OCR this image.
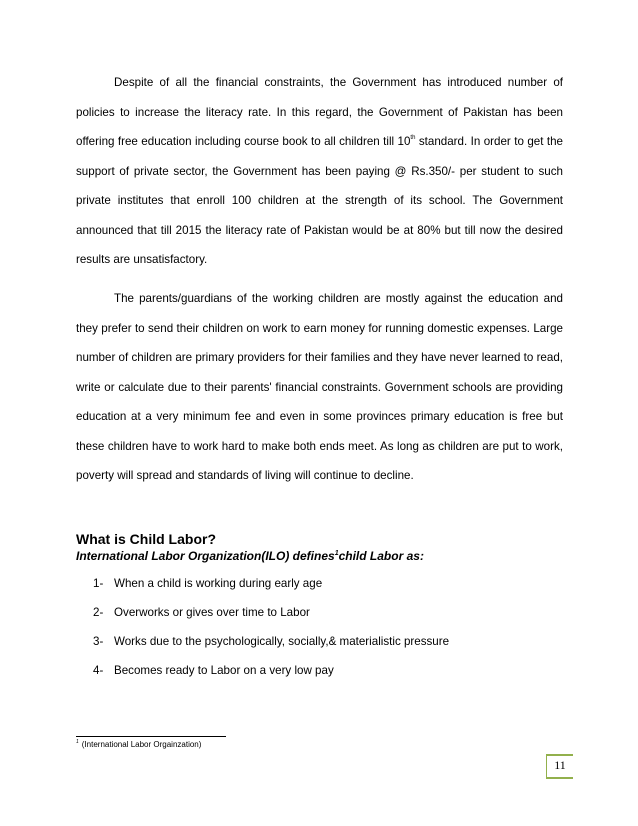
Despite of all the financial constraints, the Government has introduced number of policies to increase the literacy rate. In this regard, the Government of Pakistan has been offering free education including course book to all children till 10th standard. In order to get the support of private sector, the Government has been paying @ Rs.350/- per student to such private institutes that enroll 100 children at the strength of its school. The Government announced that till 2015 the literacy rate of Pakistan would be at 80% but till now the desired results are unsatisfactory.

The parents/guardians of the working children are mostly against the education and they prefer to send their children on work to earn money for running domestic expenses. Large number of children are primary providers for their families and they have never learned to read, write or calculate due to their parents' financial constraints. Government schools are providing education at a very minimum fee and even in some provinces primary education is free but these children have to work hard to make both ends meet. As long as children are put to work, poverty will spread and standards of living will continue to decline.

What is Child Labor?

International Labor Organization(ILO) defines$^1$child Labor as:

1- When a child is working during early age
2- Overworks or gives over time to Labor
3- Works due to the psychologically, socially,& materialistic pressure
4- Becomes ready to Labor on a very low pay

$^1$ (International Labor Orgainzation)

11
